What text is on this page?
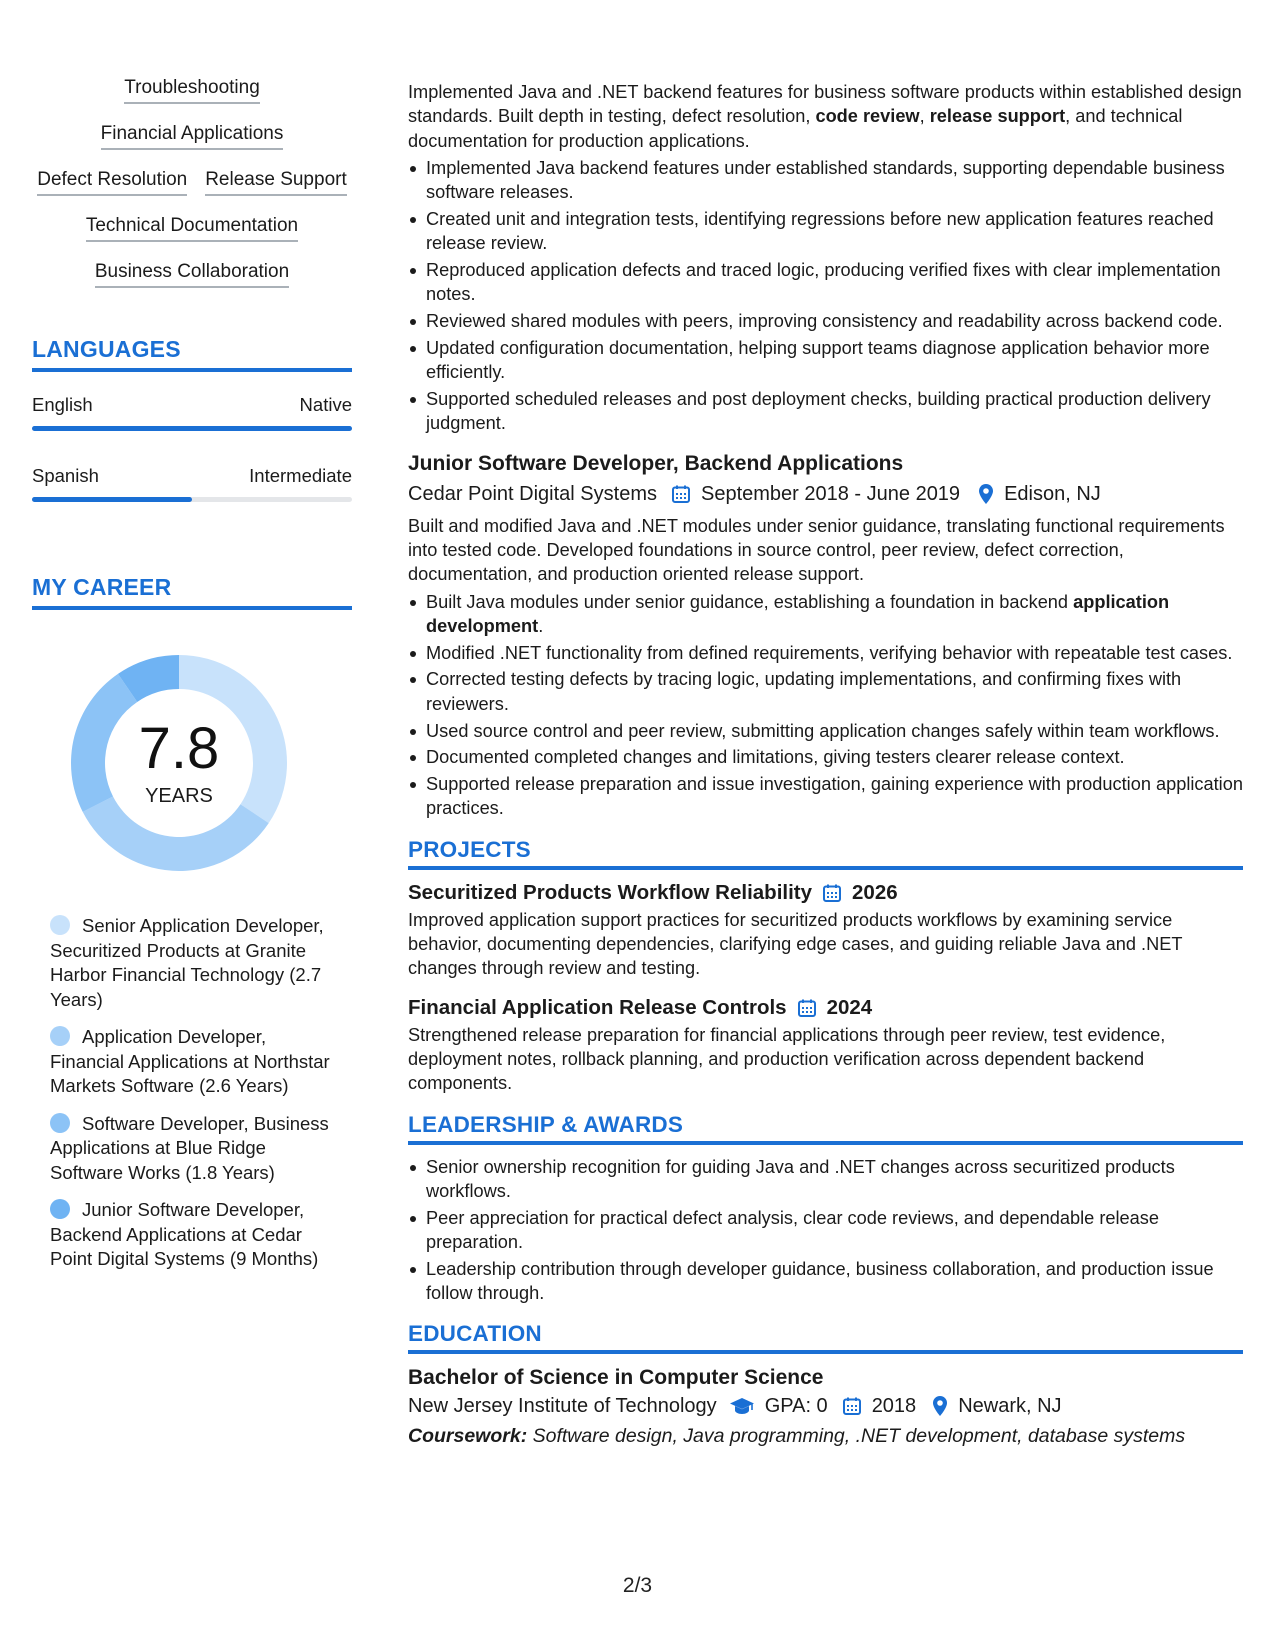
Troubleshooting
Financial Applications
Defect Resolution Release Support
Technical Documentation
Business Collaboration
LANGUAGES
English	Native
Spanish	Intermediate
MY CAREER
7.8
YEARS
Senior Application Developer, Securitized Products at Granite Harbor Financial Technology (2.7 Years)
Application Developer, Financial Applications at Northstar Markets Software (2.6 Years)
Software Developer, Business Applications at Blue Ridge Software Works (1.8 Years)
Junior Software Developer, Backend Applications at Cedar Point Digital Systems (9 Months)

Implemented Java and .NET backend features for business software products within established design standards. Built depth in testing, defect resolution, code review, release support, and technical documentation for production applications.

Implemented Java backend features under established standards, supporting dependable business software releases.
Created unit and integration tests, identifying regressions before new application features reached release review.
Reproduced application defects and traced logic, producing verified fixes with clear implementation notes.
Reviewed shared modules with peers, improving consistency and readability across backend code.
Updated configuration documentation, helping support teams diagnose application behavior more efficiently.
Supported scheduled releases and post deployment checks, building practical production delivery judgment.
Junior Software Developer, Backend Applications
Cedar Point Digital Systems September 2018 - June 2019 Edison, NJ

Built and modified Java and .NET modules under senior guidance, translating functional requirements into tested code. Developed foundations in source control, peer review, defect correction, documentation, and production oriented release support.

Built Java modules under senior guidance, establishing a foundation in backend application development.
Modified .NET functionality from defined requirements, verifying behavior with repeatable test cases.
Corrected testing defects by tracing logic, updating implementations, and confirming fixes with reviewers.
Used source control and peer review, submitting application changes safely within team workflows.
Documented completed changes and limitations, giving testers clearer release context.
Supported release preparation and issue investigation, gaining experience with production application practices.
PROJECTS
Securitized Products Workflow Reliability 2026

Improved application support practices for securitized products workflows by examining service behavior, documenting dependencies, clarifying edge cases, and guiding reliable Java and .NET changes through review and testing.

Financial Application Release Controls 2024

Strengthened release preparation for financial applications through peer review, test evidence, deployment notes, rollback planning, and production verification across dependent backend components.

LEADERSHIP & AWARDS
Senior ownership recognition for guiding Java and .NET changes across securitized products workflows.
Peer appreciation for practical defect analysis, clear code reviews, and dependable release preparation.
Leadership contribution through developer guidance, business collaboration, and production issue follow through.
EDUCATION
Bachelor of Science in Computer Science
New Jersey Institute of Technology GPA: 0 2018 Newark, NJ

Coursework: Software design, Java programming, .NET development, database systems

2/3
